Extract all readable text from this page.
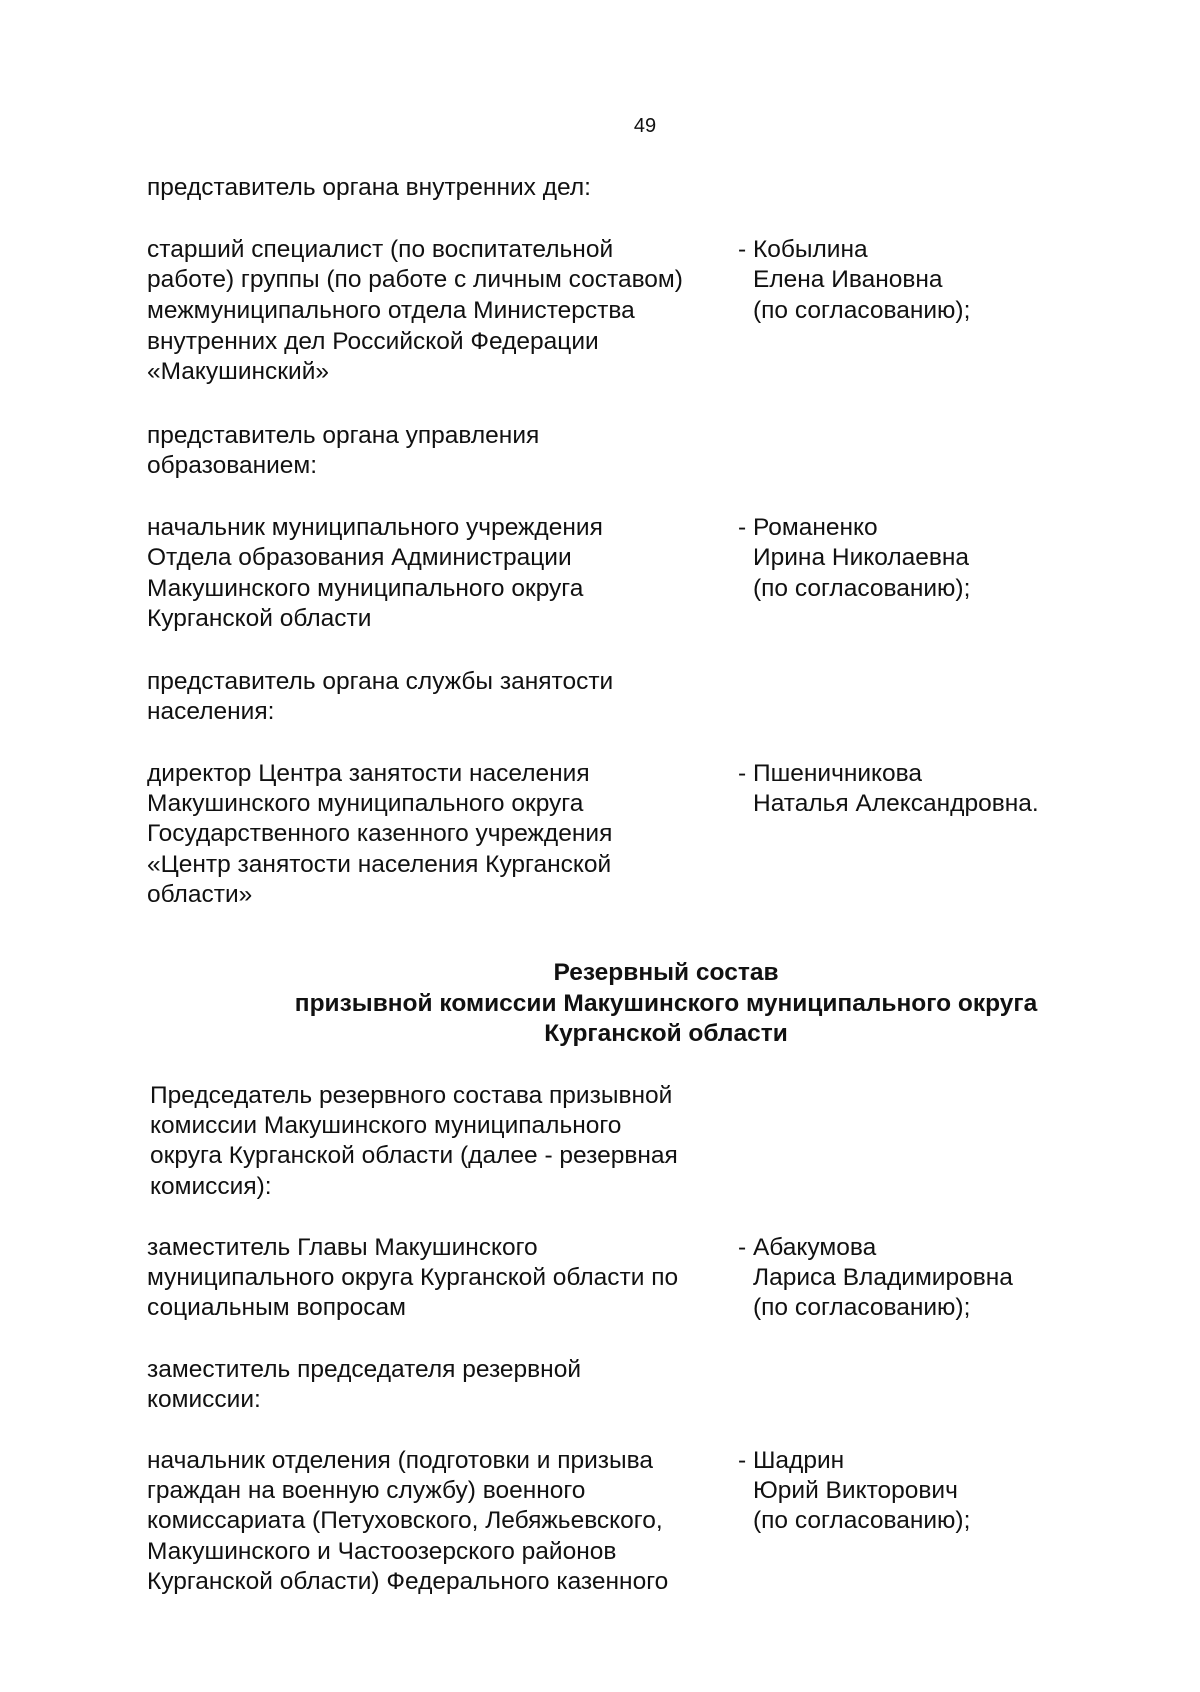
49
представитель органа внутренних дел:
старший специалист (по воспитательной
работе) группы (по работе с личным составом)
межмуниципального отдела Министерства
внутренних дел Российской Федерации
«Макушинский»
- Кобылина
Елена Ивановна
(по согласованию);
представитель органа управления
образованием:
начальник муниципального учреждения
Отдела образования Администрации
Макушинского муниципального округа
Курганской области
- Романенко
Ирина Николаевна
(по согласованию);
представитель органа службы занятости
населения:
директор Центра занятости населения
Макушинского муниципального округа
Государственного казенного учреждения
«Центр занятости населения Курганской
области»
- Пшеничникова
Наталья Александровна.
Резервный состав
призывной комиссии Макушинского муниципального округа
Курганской области
Председатель резервного состава призывной
комиссии Макушинского муниципального
округа Курганской области (далее - резервная
комиссия):
заместитель Главы Макушинского
муниципального округа Курганской области по
социальным вопросам
- Абакумова
Лариса Владимировна
(по согласованию);
заместитель председателя резервной
комиссии:
начальник отделения (подготовки и призыва
граждан на военную службу) военного
комиссариата (Петуховского, Лебяжьевского,
Макушинского и Частоозерского районов
Курганской области) Федерального казенного
- Шадрин
Юрий Викторович
(по согласованию);
